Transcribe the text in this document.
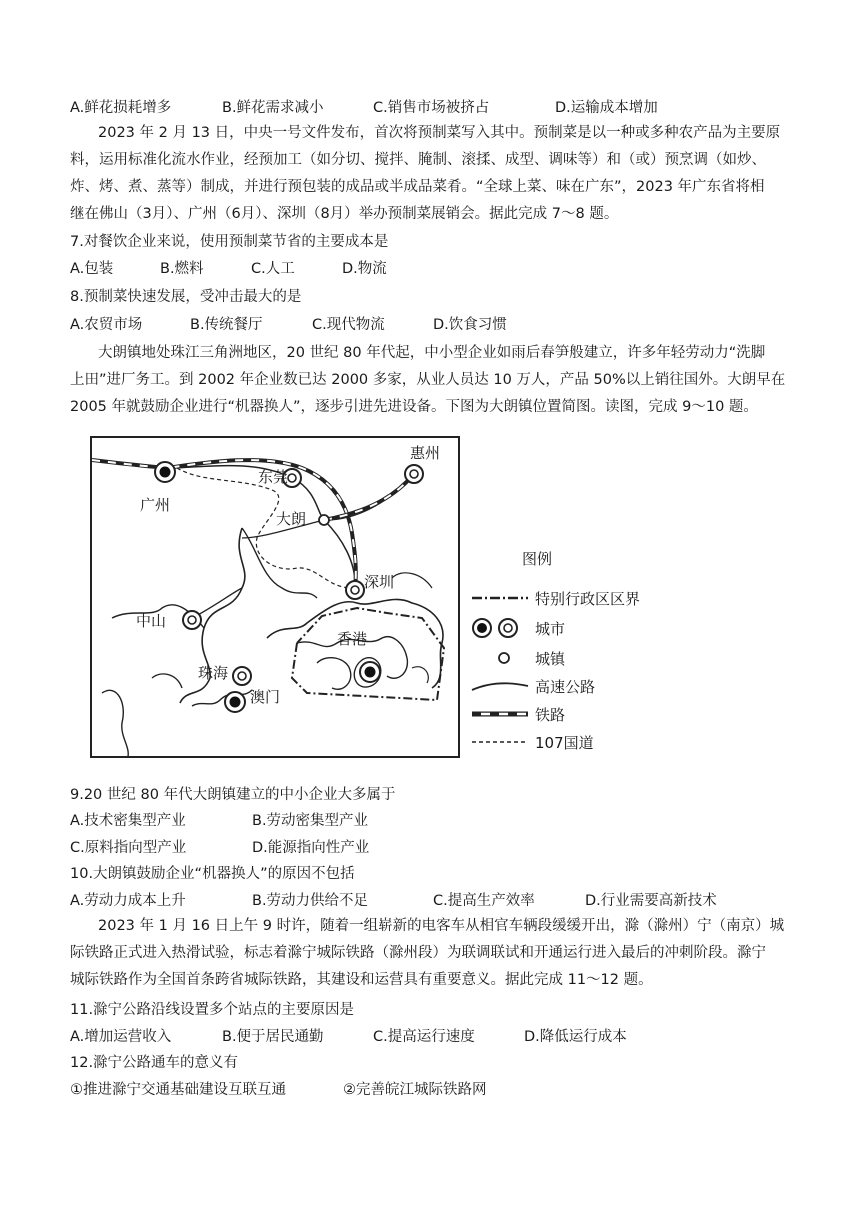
A.鲜花损耗增多	B.鲜花需求减小	C.销售市场被挤占	D.运输成本增加

2023 年 2 月 13 日，中央一号文件发布，首次将预制菜写入其中。预制菜是以一种或多种农产品为主要原

料，运用标准化流水作业，经预加工（如分切、搅拌、腌制、滚揉、成型、调味等）和（或）预烹调（如炒、

炸、烤、煮、蒸等）制成，并进行预包装的成品或半成品菜肴。“全球上菜、味在广东”，2023 年广东省将相

继在佛山（3月）、广州（6月）、深圳（8月）举办预制菜展销会。据此完成 7～8 题。

7.对餐饮企业来说，使用预制菜节省的主要成本是
A.包装	B.燃料	C.人工	D.物流
8.预制菜快速发展，受冲击最大的是
A.农贸市场	B.传统餐厅	C.现代物流	D.饮食习惯

大朗镇地处珠江三角洲地区，20 世纪 80 年代起，中小型企业如雨后春笋般建立，许多年轻劳动力“洗脚

上田”进厂务工。到 2002 年企业数已达 2000 多家，从业人员达 10 万人，产品 50%以上销往国外。大朗早在

2005 年就鼓励企业进行“机器换人”，逐步引进先进设备。下图为大朗镇位置简图。读图，完成 9～10 题。

广州
东莞
惠州
大朗
深圳
中山
香港
珠海
澳门
图例
特别行政区区界
城市
城镇
高速公路
铁路
107国道
9.20 世纪 80 年代大朗镇建立的中小企业大多属于
A.技术密集型产业	B.劳动密集型产业
C.原料指向型产业	D.能源指向性产业
10.大朗镇鼓励企业“机器换人”的原因不包括
A.劳动力成本上升	B.劳动力供给不足	C.提高生产效率	D.行业需要高新技术

2023 年 1 月 16 日上午 9 时许，随着一组崭新的电客车从相官车辆段缓缓开出，滁（滁州）宁（南京）城

际铁路正式进入热滑试验，标志着滁宁城际铁路（滁州段）为联调联试和开通运行进入最后的冲刺阶段。滁宁

城际铁路作为全国首条跨省城际铁路，其建设和运营具有重要意义。据此完成 11～12 题。

11.滁宁公路沿线设置多个站点的主要原因是
A.增加运营收入	B.便于居民通勤	C.提高运行速度	D.降低运行成本
12.滁宁公路通车的意义有
①推进滁宁交通基础建设互联互通	②完善皖江城际铁路网
